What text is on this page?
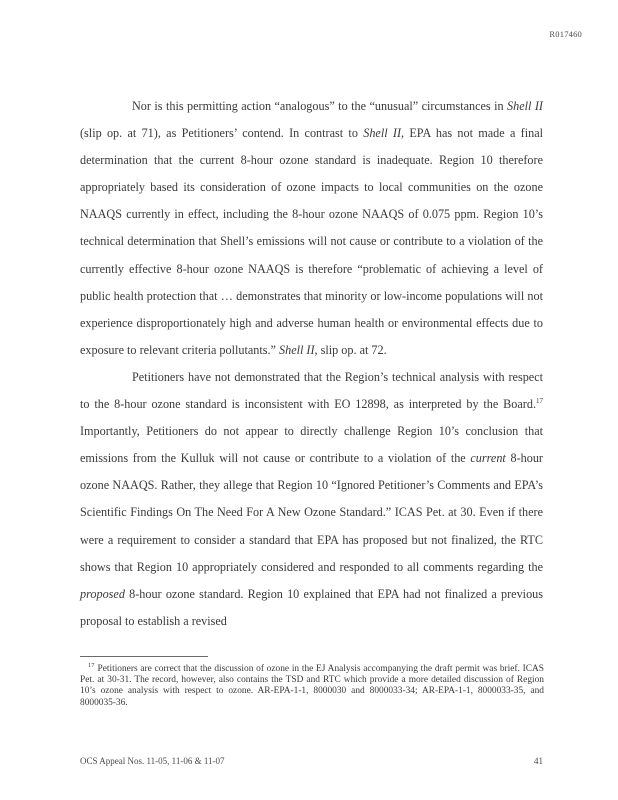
R017460

Nor is this permitting action “analogous” to the “unusual” circumstances in Shell II (slip op. at 71), as Petitioners’ contend. In contrast to Shell II, EPA has not made a final determination that the current 8-hour ozone standard is inadequate. Region 10 therefore appropriately based its consideration of ozone impacts to local communities on the ozone NAAQS currently in effect, including the 8-hour ozone NAAQS of 0.075 ppm. Region 10’s technical determination that Shell’s emissions will not cause or contribute to a violation of the currently effective 8-hour ozone NAAQS is therefore “problematic of achieving a level of public health protection that … demonstrates that minority or low-income populations will not experience disproportionately high and adverse human health or environmental effects due to exposure to relevant criteria pollutants.” Shell II, slip op. at 72.

Petitioners have not demonstrated that the Region’s technical analysis with respect to the 8-hour ozone standard is inconsistent with EO 12898, as interpreted by the Board.$^{17}$ Importantly, Petitioners do not appear to directly challenge Region 10’s conclusion that emissions from the Kulluk will not cause or contribute to a violation of the current 8-hour ozone NAAQS. Rather, they allege that Region 10 “Ignored Petitioner’s Comments and EPA’s Scientific Findings On The Need For A New Ozone Standard.” ICAS Pet. at 30. Even if there were a requirement to consider a standard that EPA has proposed but not finalized, the RTC shows that Region 10 appropriately considered and responded to all comments regarding the proposed 8-hour ozone standard. Region 10 explained that EPA had not finalized a previous proposal to establish a revised

$^{17}$ Petitioners are correct that the discussion of ozone in the EJ Analysis accompanying the draft permit was brief. ICAS Pet. at 30-31. The record, however, also contains the TSD and RTC which provide a more detailed discussion of Region 10’s ozone analysis with respect to ozone. AR-EPA-1-1, 8000030 and 8000033-34; AR-EPA-1-1, 8000033-35, and 8000035-36.
OCS Appeal Nos. 11-05, 11-06 & 11-07	41
